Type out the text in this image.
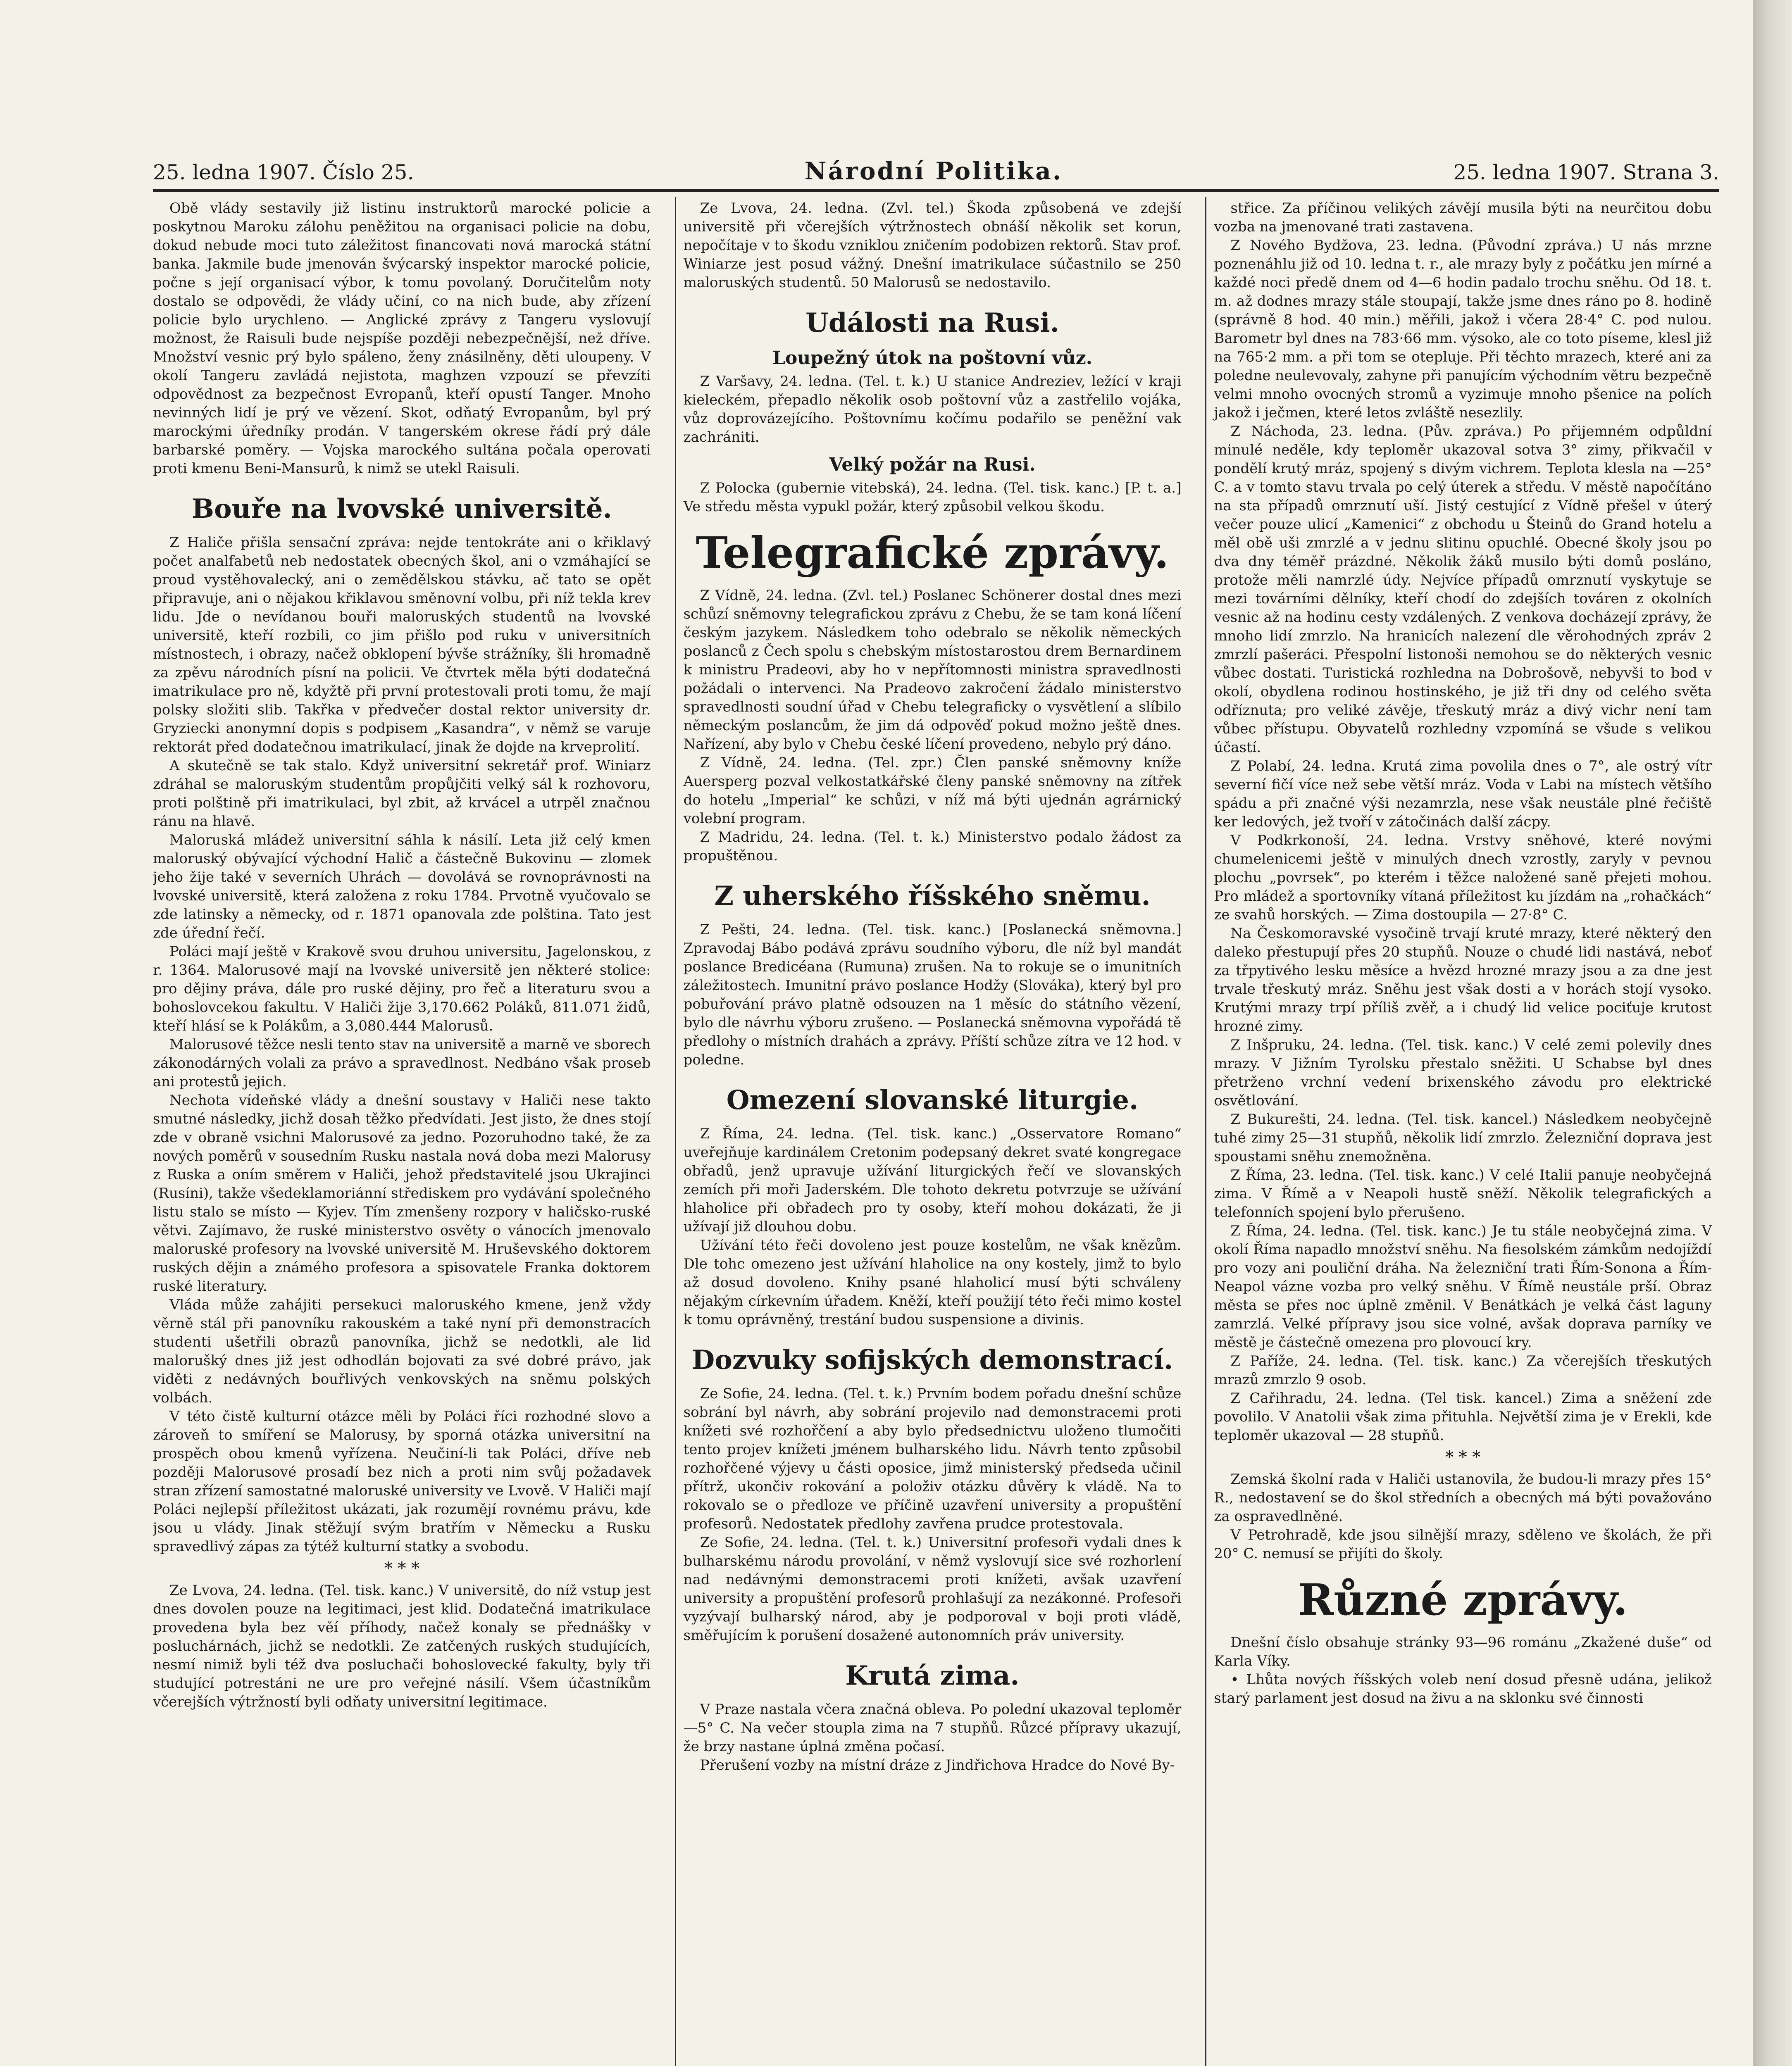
25. ledna 1907. Číslo 25.	Národní Politika.	25. ledna 1907. Strana 3.

Obě vlády sestavily již listinu instruktorů marocké policie a poskytnou Maroku zálohu peněžitou na organisaci policie na dobu, dokud nebude moci tuto záležitost financovati nová marocká státní banka. Jakmile bude jmenován švýcarský inspektor marocké policie, počne s její organisací výbor, k tomu povolaný. Doručitelům noty dostalo se odpovědi, že vlády učiní, co na nich bude, aby zřízení policie bylo urychleno. — Anglické zprávy z Tangeru vyslovují možnost, že Raisuli bude nejspíše později nebezpečnější, než dříve. Množství vesnic prý bylo spáleno, ženy znásilněny, děti uloupeny. V okolí Tangeru zavládá nejistota, maghzen vzpouzí se převzíti odpovědnost za bezpečnost Evropanů, kteří opustí Tanger. Mnoho nevinných lidí je prý ve vězení. Skot, odňatý Evropanům, byl prý marockými úředníky prodán. V tangerském okrese řádí prý dále barbarské poměry. — Vojska marockého sultána počala operovati proti kmenu Beni-Mansurů, k nimž se utekl Raisuli.

Bouře na lvovské universitě.

Z Haliče přišla sensační zpráva: nejde tentokráte ani o křiklavý počet analfabetů neb nedostatek obecných škol, ani o vzmáhající se proud vystěhovalecký, ani o zemědělskou stávku, ač tato se opět připravuje, ani o nějakou křiklavou směnovní volbu, při níž tekla krev lidu. Jde o nevídanou bouři maloruských studentů na lvovské universitě, kteří rozbili, co jim přišlo pod ruku v universitních místnostech, i obrazy, načež obklopení bývše strážníky, šli hromadně za zpěvu národních písní na policii. Ve čtvrtek měla býti dodatečná imatrikulace pro ně, kdyžtě při první protestovali proti tomu, že mají polsky složiti slib. Takřka v předvečer dostal rektor university dr. Gryziecki anonymní dopis s podpisem „Kasandra“, v němž se varuje rektorát před dodatečnou imatrikulací, jinak že dojde na krveprolití.

A skutečně se tak stalo. Když universitní sekretář prof. Winiarz zdráhal se maloruským studentům propůjčiti velký sál k rozhovoru, proti polštině při imatrikulaci, byl zbit, až krvácel a utrpěl značnou ránu na hlavě.

Maloruská mládež universitní sáhla k násilí. Leta již celý kmen maloruský obývající východní Halič a částečně Bukovinu — zlomek jeho žije také v severních Uhrách — dovolává se rovnoprávnosti na lvovské universitě, která založena z roku 1784. Prvotně vyučovalo se zde latinsky a německy, od r. 1871 opanovala zde polština. Tato jest zde úřední řečí.

Poláci mají ještě v Krakově svou druhou universitu, Jagelonskou, z r. 1364. Malorusové mají na lvovské universitě jen některé stolice: pro dějiny práva, dále pro ruské dějiny, pro řeč a literaturu svou a bohoslovcekou fakultu. V Haliči žije 3,170.662 Poláků, 811.071 židů, kteří hlásí se k Polákům, a 3,080.444 Malorusů.

Malorusové těžce nesli tento stav na universitě a marně ve sborech zákonodárných volali za právo a spravedlnost. Nedbáno však proseb ani protestů jejich.

Nechota vídeňské vlády a dnešní soustavy v Haliči nese takto smutné následky, jichž dosah těžko předvídati. Jest jisto, že dnes stojí zde v obraně vsichni Malorusové za jedno. Pozoruhodno také, že za nových poměrů v sousedním Rusku nastala nová doba mezi Malorusy z Ruska a oním směrem v Haliči, jehož představitelé jsou Ukrajinci (Rusíni), takže všedeklamoriánní střediskem pro vydávání společného listu stalo se místo — Kyjev. Tím zmenšeny rozpory v haličsko-ruské větvi. Zajímavo, že ruské ministerstvo osvěty o vánocích jmenovalo maloruské profesory na lvovské universitě M. Hruševského doktorem ruských dějin a známého profesora a spisovatele Franka doktorem ruské literatury.

Vláda může zahájiti persekuci maloruského kmene, jenž vždy věrně stál při panovníku rakouském a také nyní při demonstracích studenti ušetřili obrazů panovníka, jichž se nedotkli, ale lid malorušký dnes již jest odhodlán bojovati za své dobré právo, jak viděti z nedávných bouřlivých venkovských na sněmu polských volbách.

V této čistě kulturní otázce měli by Poláci říci rozhodné slovo a zároveň to smíření se Malorusy, by sporná otázka universitní na prospěch obou kmenů vyřízena. Neučiní-li tak Poláci, dříve neb později Malorusové prosadí bez nich a proti nim svůj požadavek stran zřízení samostatné maloruské university ve Lvově. V Haliči mají Poláci nejlepší příležitost ukázati, jak rozumějí rovnému právu, kde jsou u vlády. Jinak stěžují svým bratřím v Německu a Rusku spravedlivý zápas za týtéž kulturní statky a svobodu.

* * *

Ze Lvova, 24. ledna. (Tel. tisk. kanc.) V universitě, do níž vstup jest dnes dovolen pouze na legitimaci, jest klid. Dodatečná imatrikulace provedena byla bez věí příhody, načež konaly se přednášky v posluchárnách, jichž se nedotkli. Ze zatčených ruských studujících, nesmí nimiž byli též dva posluchači bohoslovecké fakulty, byly tři studující potrestáni ne ure pro veřejné násilí. Všem účastníkům včerejších výtržností byli odňaty universitní legitimace.

Ze Lvova, 24. ledna. (Zvl. tel.) Škoda způsobená ve zdejší universitě při včerejších výtržnostech obnáší několik set korun, nepočítaje v to škodu vzniklou zničením podobizen rektorů. Stav prof. Winiarze jest posud vážný. Dnešní imatrikulace súčastnilo se 250 maloruských studentů. 50 Malorusů se nedostavilo.

Události na Rusi.
Loupežný útok na poštovní vůz.

Z Varšavy, 24. ledna. (Tel. t. k.) U stanice Andreziev, ležící v kraji kieleckém, přepadlo několik osob poštovní vůz a zastřelilo vojáka, vůz doprovázejícího. Poštovnímu kočímu podařilo se peněžní vak zachrániti.

Velký požár na Rusi.

Z Polocka (gubernie vitebská), 24. ledna. (Tel. tisk. kanc.) [P. t. a.] Ve středu města vypukl požár, který způsobil velkou škodu.

Telegrafické zprávy.

Z Vídně, 24. ledna. (Zvl. tel.) Poslanec Schönerer dostal dnes mezi schůzí sněmovny telegrafickou zprávu z Chebu, že se tam koná líčení českým jazykem. Následkem toho odebralo se několik německých poslanců z Čech spolu s chebským místostarostou drem Bernardinem k ministru Pradeovi, aby ho v nepřítomnosti ministra spravedlnosti požádali o intervenci. Na Pradeovo zakročení žádalo ministerstvo spravedlnosti soudní úřad v Chebu telegraficky o vysvětlení a slíbilo německým poslancům, že jim dá odpověď pokud možno ještě dnes. Nařízení, aby bylo v Chebu české líčení provedeno, nebylo prý dáno.

Z Vídně, 24. ledna. (Tel. zpr.) Člen panské sněmovny kníže Auersperg pozval velkostatkářské členy panské sněmovny na zítřek do hotelu „Imperial“ ke schůzi, v níž má býti ujednán agrárnický volební program.

Z Madridu, 24. ledna. (Tel. t. k.) Ministerstvo podalo žádost za propuštěnou.

Z uherského říšského sněmu.

Z Pešti, 24. ledna. (Tel. tisk. kanc.) [Poslanecká sněmovna.] Zpravodaj Bábo podává zprávu soudního výboru, dle níž byl mandát poslance Bredicéana (Rumuna) zrušen. Na to rokuje se o imunitních záležitostech. Imunitní právo poslance Hodžy (Slováka), který byl pro pobuřování právo platně odsouzen na 1 měsíc do státního vězení, bylo dle návrhu výboru zrušeno. — Poslanecká sněmovna vypořádá tě předlohy o místních drahách a zprávy. Příští schůze zítra ve 12 hod. v poledne.

Omezení slovanské liturgie.

Z Říma, 24. ledna. (Tel. tisk. kanc.) „Osservatore Romano“ uveřejňuje kardinálem Cretonim podepsaný dekret svaté kongregace obřadů, jenž upravuje užívání liturgických řečí ve slovanských zemích při moři Jaderském. Dle tohoto dekretu potvrzuje se užívání hlaholice při obřadech pro ty osoby, kteří mohou dokázati, že ji užívají již dlouhou dobu.

Užívání této řeči dovoleno jest pouze kostelům, ne však knězům. Dle tohc omezeno jest užívání hlaholice na ony kostely, jimž to bylo až dosud dovoleno. Knihy psané hlaholicí musí býti schváleny nějakým církevním úřadem. Kněží, kteří použijí této řeči mimo kostel k tomu oprávněný, trestání budou suspensione a divinis.

Dozvuky sofijských demonstrací.

Ze Sofie, 24. ledna. (Tel. t. k.) Prvním bodem pořadu dnešní schůze sobrání byl návrh, aby sobrání projevilo nad demonstracemi proti knížeti své rozhořčení a aby bylo předsednictvu uloženo tlumočiti tento projev knížeti jménem bulharského lidu. Návrh tento způsobil rozhořčené výjevy u části oposice, jimž ministerský předseda učinil přítrž, ukončiv rokování a položiv otázku důvěry k vládě. Na to rokovalo se o předloze ve příčině uzavření university a propuštění profesorů. Nedostatek předlohy zavřena prudce protestovala.

Ze Sofie, 24. ledna. (Tel. t. k.) Universitní profesoři vydali dnes k bulharskému národu provolání, v němž vyslovují sice své rozhorlení nad nedávnými demonstracemi proti knížeti, avšak uzavření university a propuštění profesorů prohlašují za nezákonné. Profesoři vyzývají bulharský národ, aby je podporoval v boji proti vládě, směřujícím k porušení dosažené autonomních práv university.

Krutá zima.

V Praze nastala včera značná obleva. Po polední ukazoval teploměr —5° C. Na večer stoupla zima na 7 stupňů. Růzcé přípravy ukazují, že brzy nastane úplná změna počasí.

Přerušení vozby na místní dráze z Jindřichova Hradce do Nové By-

střice. Za příčinou velikých závějí musila býti na neurčitou dobu vozba na jmenované trati zastavena.

Z Nového Bydžova, 23. ledna. (Původní zpráva.) U nás mrzne poznenáhlu již od 10. ledna t. r., ale mrazy byly z počátku jen mírné a každé noci předě dnem od 4—6 hodin padalo trochu sněhu. Od 18. t. m. až dodnes mrazy stále stoupají, takže jsme dnes ráno po 8. hodině (správně 8 hod. 40 min.) měřili, jakož i včera 28·4° C. pod nulou. Barometr byl dnes na 783·66 mm. výsoko, ale co toto píseme, klesl již na 765·2 mm. a při tom se otepluje. Při těchto mrazech, které ani za poledne neulevovaly, zahyne při panujícím východním větru bezpečně velmi mnoho ovocných stromů a vyzimuje mnoho pšenice na polích jakož i ječmen, které letos zvláště nesezlily.

Z Náchoda, 23. ledna. (Pův. zpráva.) Po přijemném odpůldní minulé neděle, kdy teploměr ukazoval sotva 3° zimy, přikvačil v pondělí krutý mráz, spojený s divým vichrem. Teplota klesla na —25° C. a v tomto stavu trvala po celý úterek a středu. V městě napočítáno na sta případů omrznutí uší. Jistý cestující z Vídně přešel v úterý večer pouze ulicí „Kamenici“ z obchodu u Šteinů do Grand hotelu a měl obě uši zmrzlé a v jednu slitinu opuchlé. Obecné školy jsou po dva dny téměř prázdné. Několik žáků musilo býti domů posláno, protože měli namrzlé údy. Nejvíce případů omrznutí vyskytuje se mezi továrními dělníky, kteří chodí do zdejších továren z okolních vesnic až na hodinu cesty vzdálených. Z venkova docházejí zprávy, že mnoho lidí zmrzlo. Na hranicích nalezení dle věrohodných zpráv 2 zmrzlí pašeráci. Přespolní listonoši nemohou se do některých vesnic vůbec dostati. Turistická rozhledna na Dobrošově, nebyvši to bod v okolí, obydlena rodinou hostinského, je již tři dny od celého světa odříznuta; pro veliké závěje, třeskutý mráz a divý vichr není tam vůbec přístupu. Obyvatelů rozhledny vzpomíná se všude s velikou účastí.

Z Polabí, 24. ledna. Krutá zima povolila dnes o 7°, ale ostrý vítr severní fičí více než sebe větší mráz. Voda v Labi na místech většího spádu a při značné výši nezamrzla, nese však neustále plné řečiště ker ledových, jež tvoří v zátočinách další zácpy.

V Podkrkonoší, 24. ledna. Vrstvy sněhové, které novými chumelenicemi ještě v minulých dnech vzrostly, zaryly v pevnou plochu „povrsek“, po kterém i těžce naložené saně přejeti mohou. Pro mládež a sportovníky vítaná příležitost ku jízdám na „rohačkách“ ze svahů horských. — Zima dostoupila — 27·8° C.

Na Českomoravské vysočině trvají kruté mrazy, které některý den daleko přestupují přes 20 stupňů. Nouze o chudé lidi nastává, neboť za třpytivého lesku měsíce a hvězd hrozné mrazy jsou a za dne jest trvale třeskutý mráz. Sněhu jest však dosti a v horách stojí vysoko. Krutými mrazy trpí příliš zvěř, a i chudý lid velice pociťuje krutost hrozné zimy.

Z Inšpruku, 24. ledna. (Tel. tisk. kanc.) V celé zemi polevily dnes mrazy. V Jižním Tyrolsku přestalo sněžiti. U Schabse byl dnes přetrženo vrchní vedení brixenského závodu pro elektrické osvětlování.

Z Bukurešti, 24. ledna. (Tel. tisk. kancel.) Následkem neobyčejně tuhé zimy 25—31 stupňů, několik lidí zmrzlo. Železniční doprava jest spoustami sněhu znemožněna.

Z Říma, 23. ledna. (Tel. tisk. kanc.) V celé Italii panuje neobyčejná zima. V Římě a v Neapoli hustě sněží. Několik telegrafických a telefonních spojení bylo přerušeno.

Z Říma, 24. ledna. (Tel. tisk. kanc.) Je tu stále neobyčejná zima. V okolí Říma napadlo množství sněhu. Na fiesolském zámkům nedojíždí pro vozy ani pouliční dráha. Na železniční trati Řím-Sonona a Řím-Neapol vázne vozba pro velký sněhu. V Římě neustále prší. Obraz města se přes noc úplně změnil. V Benátkách je velká část laguny zamrzlá. Velké přípravy jsou sice volné, avšak doprava parníky ve městě je částečně omezena pro plovoucí kry.

Z Paříže, 24. ledna. (Tel. tisk. kanc.) Za včerejších třeskutých mrazů zmrzlo 9 osob.

Z Cařihradu, 24. ledna. (Tel tisk. kancel.) Zima a sněžení zde povolilo. V Anatolii však zima přituhla. Největší zima je v Erekli, kde teploměr ukazoval — 28 stupňů.

* * *

Zemská školní rada v Haliči ustanovila, že budou-li mrazy přes 15° R., nedostavení se do škol středních a obecných má býti považováno za ospravedlněné.

V Petrohradě, kde jsou silnější mrazy, sděleno ve školách, že při 20° C. nemusí se přijíti do školy.

Různé zprávy.

Dnešní číslo obsahuje stránky 93—96 románu „Zkažené duše“ od Karla Víky.

• Lhůta nových říšských voleb není dosud přesně udána, jelikož starý parlament jest dosud na živu a na sklonku své činnosti
